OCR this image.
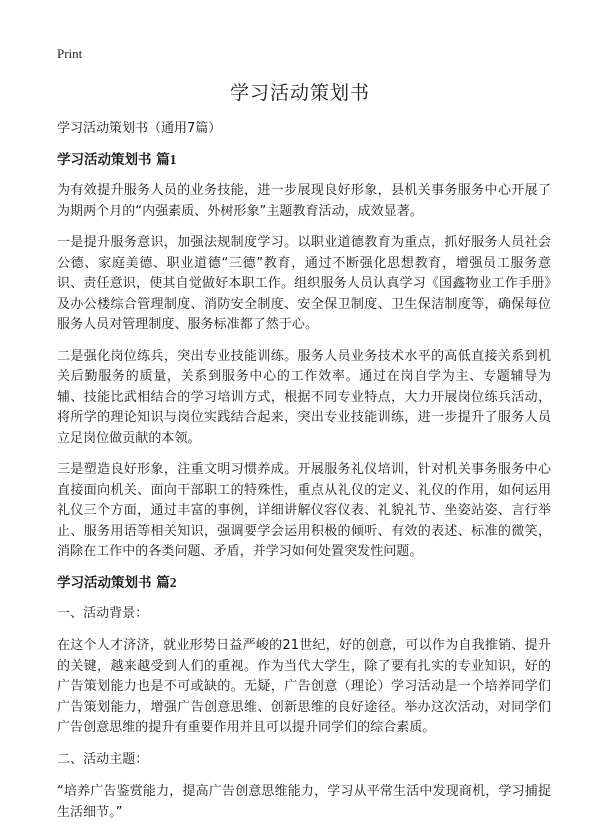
Print
学习活动策划书

学习活动策划书（通用7篇）

学习活动策划书 篇1

为有效提升服务人员的业务技能，进一步展现良好形象，县机关事务服务中心开展了为期两个月的“内强素质、外树形象”主题教育活动，成效显著。

一是提升服务意识，加强法规制度学习。以职业道德教育为重点，抓好服务人员社会公德、家庭美德、职业道德“三德”教育，通过不断强化思想教育，增强员工服务意识、责任意识，使其自觉做好本职工作。组织服务人员认真学习《国鑫物业工作手册》及办公楼综合管理制度、消防安全制度、安全保卫制度、卫生保洁制度等，确保每位服务人员对管理制度、服务标准都了然于心。

二是强化岗位练兵，突出专业技能训练。服务人员业务技术水平的高低直接关系到机关后勤服务的质量，关系到服务中心的工作效率。通过在岗自学为主、专题辅导为辅、技能比武相结合的学习培训方式，根据不同专业特点，大力开展岗位练兵活动，将所学的理论知识与岗位实践结合起来，突出专业技能训练，进一步提升了服务人员立足岗位做贡献的本领。

三是塑造良好形象，注重文明习惯养成。开展服务礼仪培训，针对机关事务服务中心直接面向机关、面向干部职工的特殊性，重点从礼仪的定义、礼仪的作用，如何运用礼仪三个方面，通过丰富的事例，详细讲解仪容仪表、礼貌礼节、坐姿站姿、言行举止、服务用语等相关知识，强调要学会运用积极的倾听、有效的表述、标准的微笑，消除在工作中的各类问题、矛盾，并学习如何处置突发性问题。

学习活动策划书 篇2

一、活动背景：

在这个人才济济，就业形势日益严峻的21世纪，好的创意，可以作为自我推销、提升的关键，越来越受到人们的重视。作为当代大学生，除了要有扎实的专业知识，好的广告策划能力也是不可或缺的。无疑，广告创意（理论）学习活动是一个培养同学们广告策划能力，增强广告创意思维、创新思维的良好途径。举办这次活动，对同学们广告创意思维的提升有重要作用并且可以提升同学们的综合素质。

二、活动主题：

“培养广告鉴赏能力，提高广告创意思维能力，学习从平常生活中发现商机，学习捕捉生活细节。”
